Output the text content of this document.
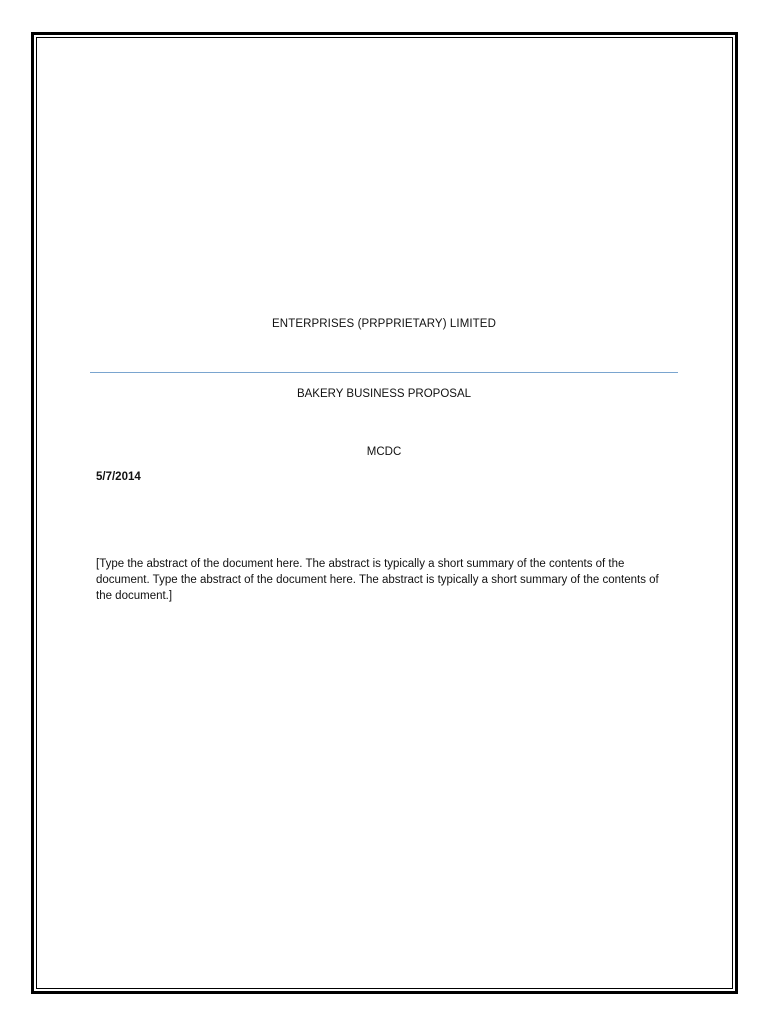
ENTERPRISES (PRPPRIETARY) LIMITED
BAKERY BUSINESS PROPOSAL
MCDC
5/7/2014
[Type the abstract of the document here. The abstract is typically a short summary of the contents of the document. Type the abstract of the document here. The abstract is typically a short summary of the contents of the document.]
